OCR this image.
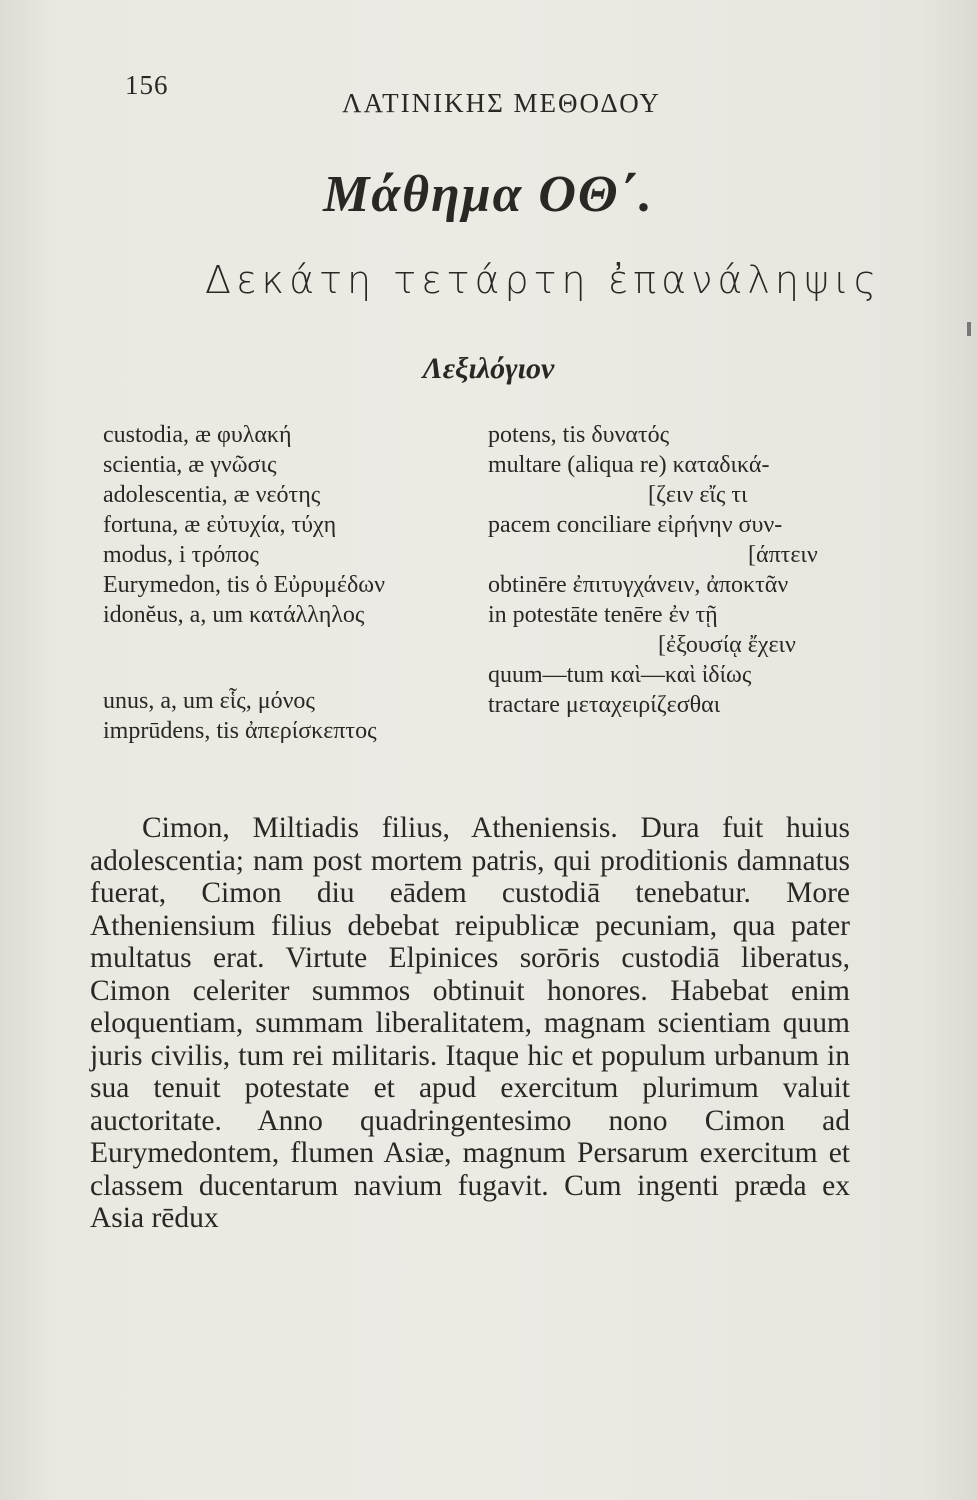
156
ΛΑΤΙΝΙΚΗΣ ΜΕΘΟΔΟΥ
Μάθημα ΟΘ΄.
Δεκάτη τετάρτη ἐπανάληψις
Λεξιλόγιον
custodia, æ φυλακή
scientia, æ γνῶσις
adolescentia, æ νεότης
fortuna, æ εὐτυχία, τύχη
modus, i τρόπος
Eurymedon, tis ὁ Εὐρυμέδων
idonĕus, a, um κατάλληλος
unus, a, um εἷς, μόνος
imprūdens, tis ἀπερίσκεπτος
potens, tis δυνατός
multare (aliqua re) καταδικά-
[ζειν εἴς τι
pacem conciliare εἰρήνην συν-
[άπτειν
obtinēre ἐπιτυγχάνειν, ἀποκτᾶν
in potestāte tenēre ἐν τῇ
[ἐξουσίᾳ ἔχειν
quum—tum καὶ—καὶ ἰδίως
tractare μεταχειρίζεσθαι

Cimon, Miltiadis filius, Atheniensis. Dura fuit huius adolescentia; nam post mortem patris, qui proditionis damnatus fuerat, Cimon diu eādem custodiā tenebatur. More Atheniensium filius debebat reipublicæ pecuniam, qua pater multatus erat. Virtute Elpinices sorōris custodiā liberatus, Cimon celeriter summos obtinuit honores. Habebat enim eloquentiam, summam liberalitatem, magnam scientiam quum juris civilis, tum rei militaris. Itaque hic et populum urbanum in sua tenuit potestate et apud exercitum plurimum valuit auctoritate. Anno quadringentesimo nono Cimon ad Eurymedontem, flumen Asiæ, magnum Persarum exercitum et classem ducentarum navium fugavit. Cum ingenti præda ex Asia rēdux
